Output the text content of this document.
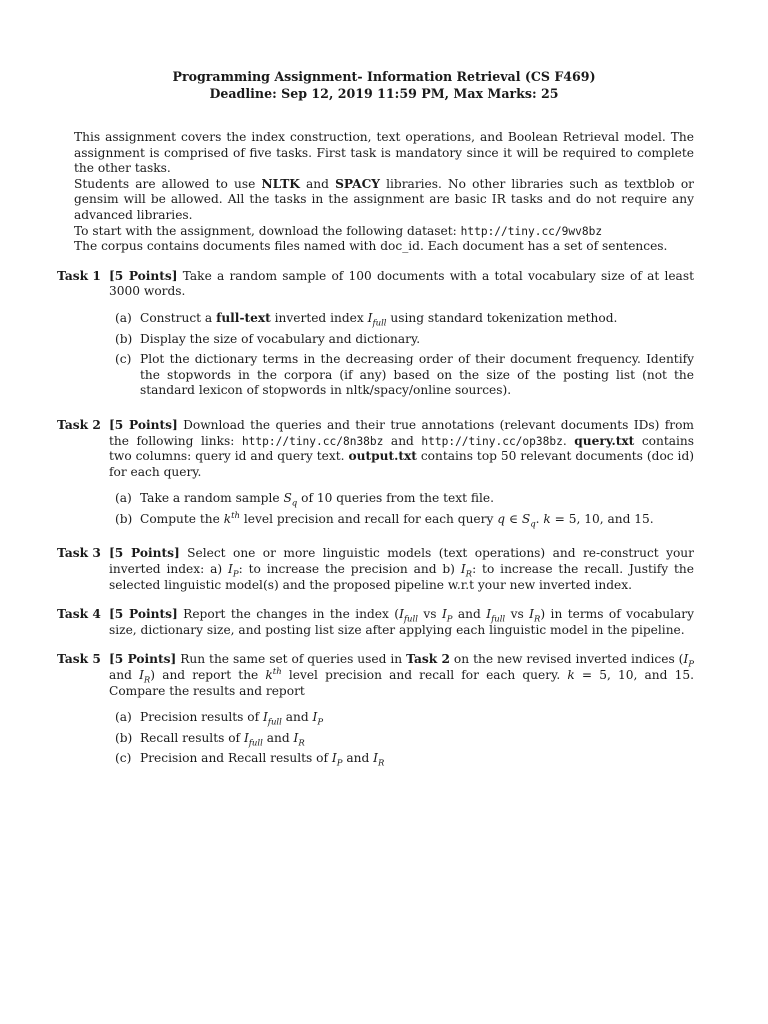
Programming Assignment- Information Retrieval (CS F469)
Deadline: Sep 12, 2019 11:59 PM, Max Marks: 25

This assignment covers the index construction, text operations, and Boolean Retrieval model. The assignment is comprised of five tasks. First task is mandatory since it will be required to complete the other tasks.

Students are allowed to use NLTK and SPACY libraries. No other libraries such as textblob or gensim will be allowed. All the tasks in the assignment are basic IR tasks and do not require any advanced libraries.

To start with the assignment, download the following dataset: http://tiny.cc/9wv8bz

The corpus contains documents files named with doc_id. Each document has a set of sentences.

Task 1 [5 Points] Take a random sample of 100 documents with a total vocabulary size of at least 3000 words.

(a) Construct a full-text inverted index $I_{full}$ using standard tokenization method.
(b) Display the size of vocabulary and dictionary.
(c) Plot the dictionary terms in the decreasing order of their document frequency. Identify the stopwords in the corpora (if any) based on the size of the posting list (not the standard lexicon of stopwords in nltk/spacy/online sources).
Task 2 [5 Points] Download the queries and their true annotations (relevant documents IDs) from the following links: http://tiny.cc/8n38bz and http://tiny.cc/op38bz. query.txt contains two columns: query id and query text. output.txt contains top 50 relevant documents (doc id) for each query.

(a) Take a random sample $S_q$ of 10 queries from the text file.
(b) Compute the $k^{th}$ level precision and recall for each query q ∈ $S_q$. k = 5, 10, and 15.
Task 3 [5 Points] Select one or more linguistic models (text operations) and re-construct your inverted index: a) $I_P$: to increase the precision and b) $I_R$: to increase the recall. Justify the selected linguistic model(s) and the proposed pipeline w.r.t your new inverted index.

Task 4 [5 Points] Report the changes in the index ($I_{full}$ vs $I_P$ and $I_{full}$ vs $I_R$) in terms of vocabulary size, dictionary size, and posting list size after applying each linguistic model in the pipeline.

Task 5 [5 Points] Run the same set of queries used in Task 2 on the new revised inverted indices ($I_P$ and $I_R$) and report the $k^{th}$ level precision and recall for each query. k = 5, 10, and 15. Compare the results and report

(a) Precision results of $I_{full}$ and $I_P$
(b) Recall results of $I_{full}$ and $I_R$
(c) Precision and Recall results of $I_P$ and $I_R$
